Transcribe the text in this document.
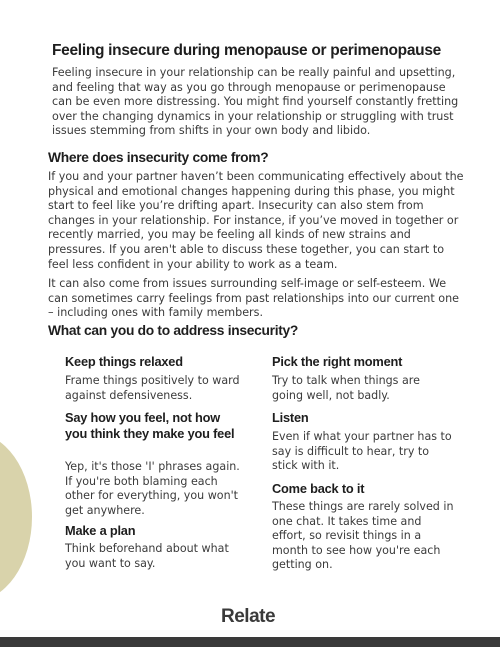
Feeling insecure during menopause or perimenopause

Feeling insecure in your relationship can be really painful and upsetting, and feeling that way as you go through menopause or perimenopause can be even more distressing. You might find yourself constantly fretting over the changing dynamics in your relationship or struggling with trust issues stemming from shifts in your own body and libido.

Where does insecurity come from?

If you and your partner haven’t been communicating effectively about the physical and emotional changes happening during this phase, you might start to feel like you’re drifting apart. Insecurity can also stem from changes in your relationship. For instance, if you’ve moved in together or recently married, you may be feeling all kinds of new strains and pressures. If you aren't able to discuss these together, you can start to feel less confident in your ability to work as a team.

It can also come from issues surrounding self-image or self-esteem. We can sometimes carry feelings from past relationships into our current one – including ones with family members.

What can you do to address insecurity?
Keep things relaxed

Frame things positively to ward against defensiveness.

Say how you feel, not how you think they make you feel

Yep, it's those 'I' phrases again. If you're both blaming each other for everything, you won't get anywhere.

Make a plan

Think beforehand about what you want to say.

Pick the right moment

Try to talk when things are going well, not badly.

Listen

Even if what your partner has to say is difficult to hear, try to stick with it.

Come back to it

These things are rarely solved in one chat. It takes time and effort, so revisit things in a month to see how you're each getting on.

Relate
